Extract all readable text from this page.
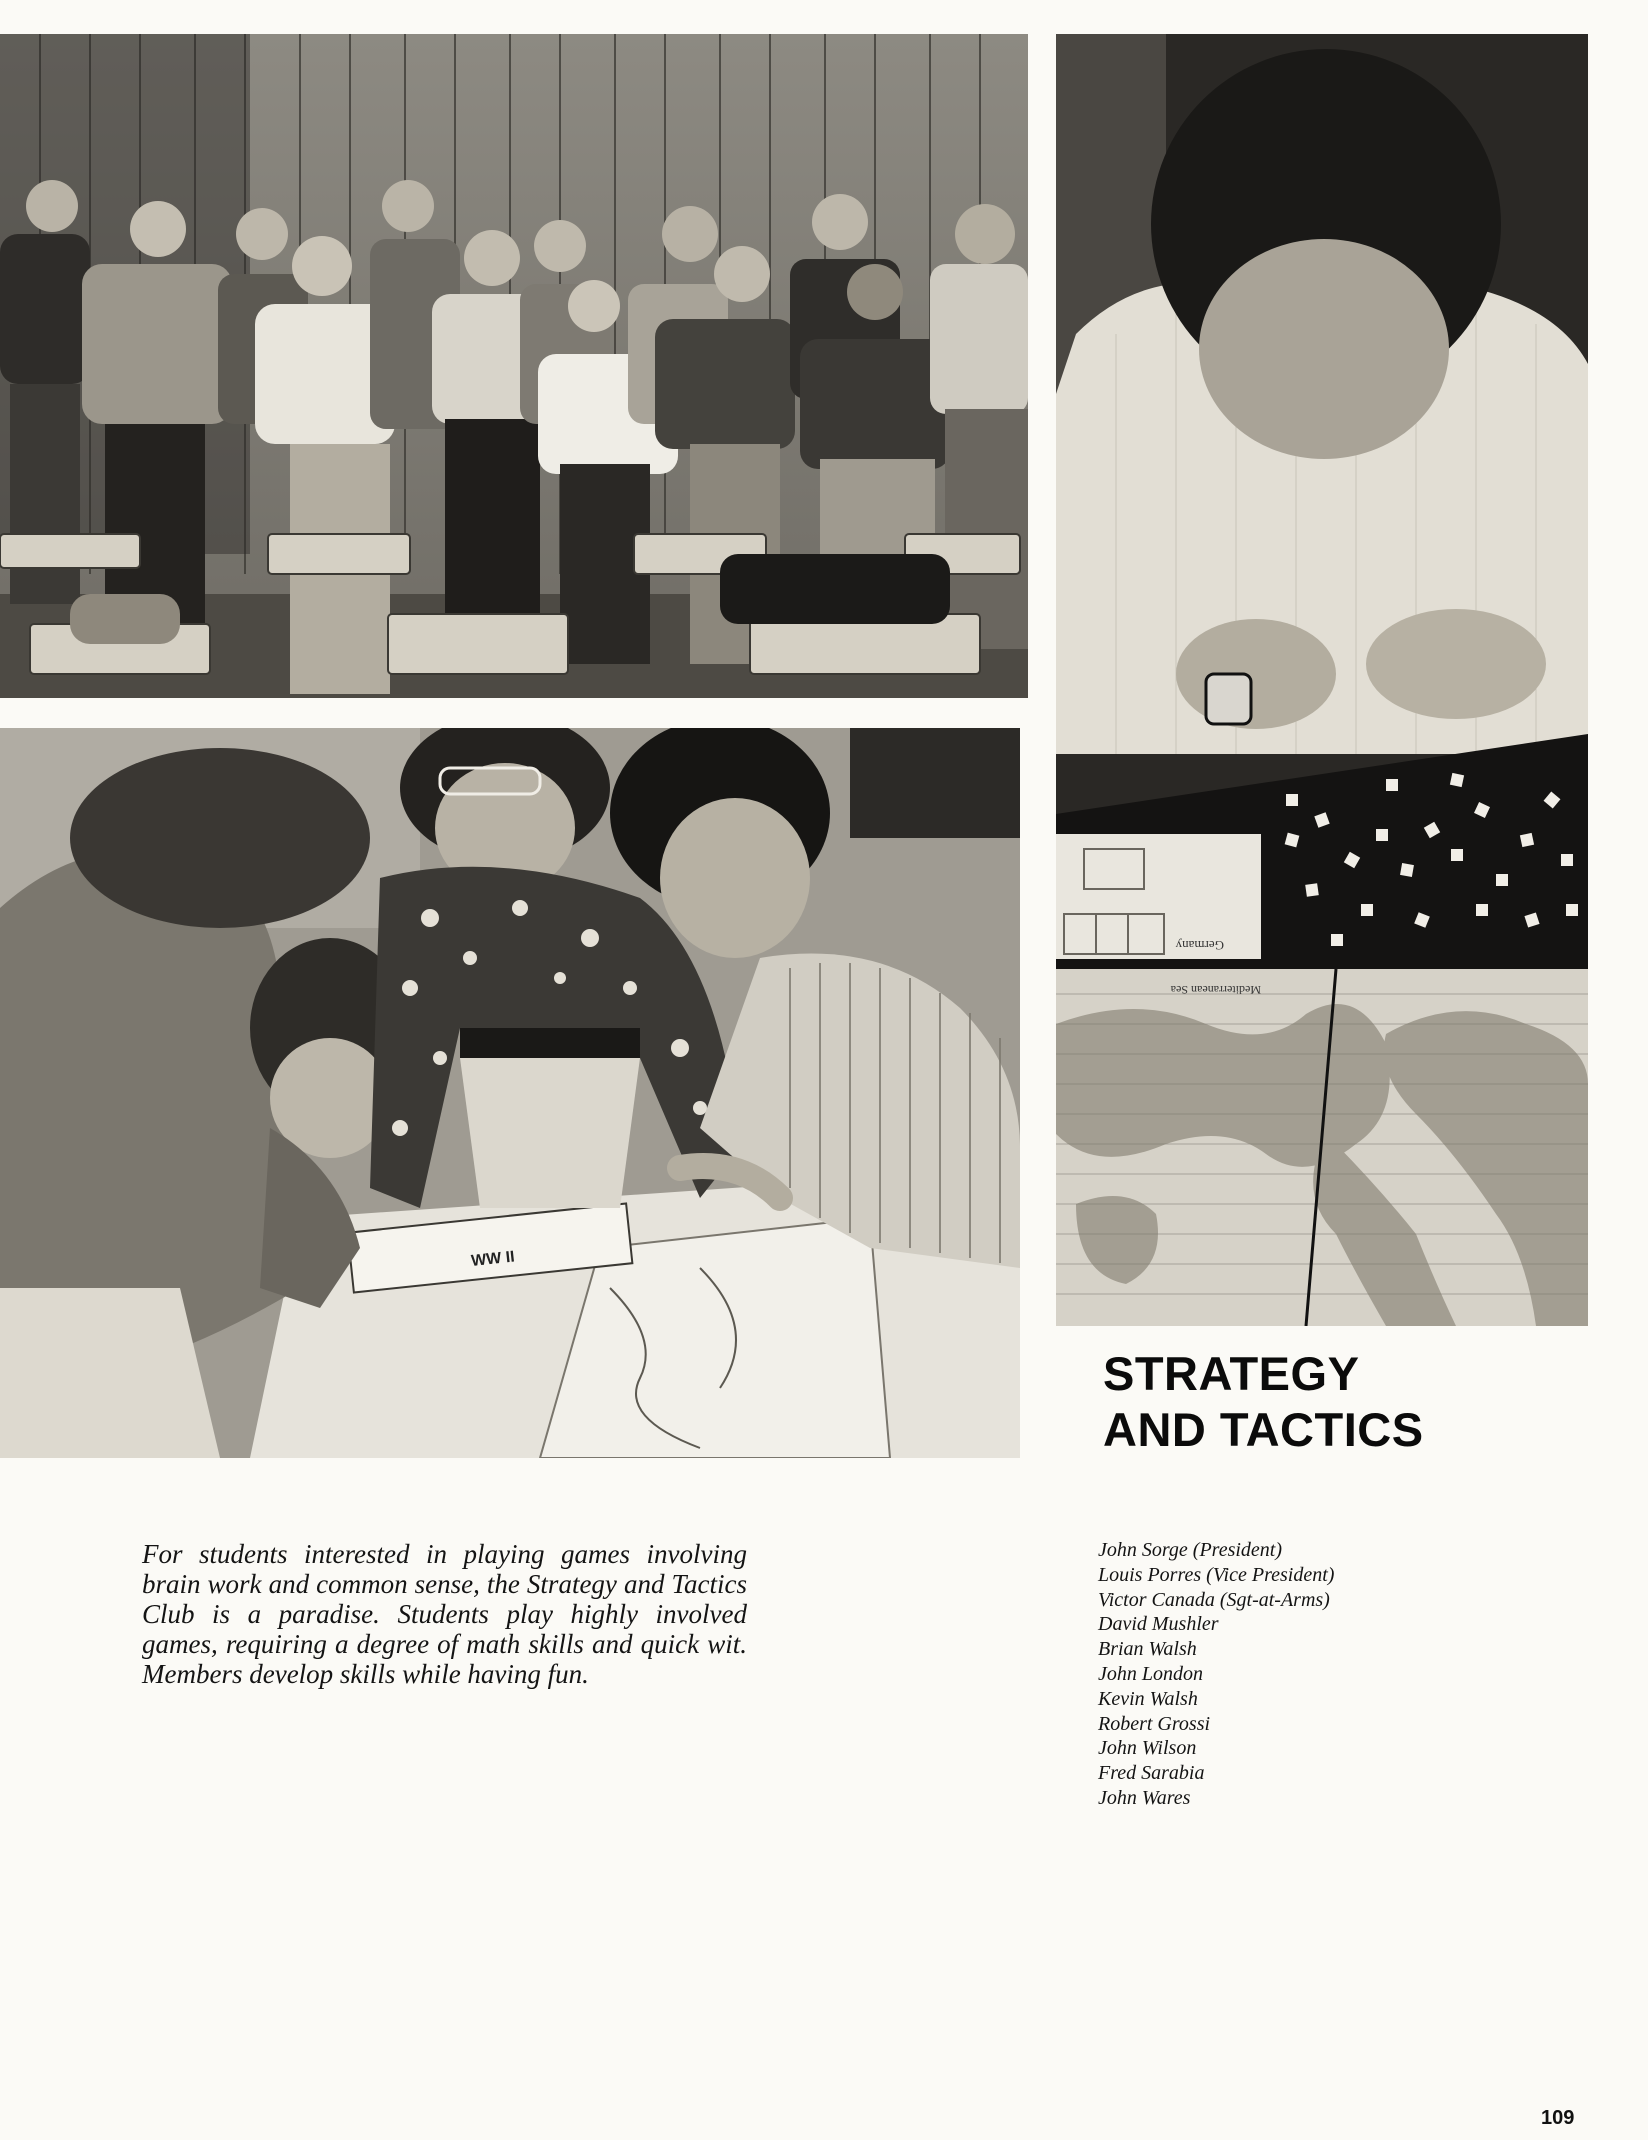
Germany
Mediterranean Sea
WW II
STRATEGY
AND TACTICS

For students interested in playing games involving brain work and common sense, the Strategy and Tactics Club is a paradise. Students play highly involved games, requiring a degree of math skills and quick wit. Members develop skills while having fun.

John Sorge (President)
Louis Porres (Vice President)
Victor Canada (Sgt-at-Arms)
David Mushler
Brian Walsh
John London
Kevin Walsh
Robert Grossi
John Wilson
Fred Sarabia
John Wares
109
